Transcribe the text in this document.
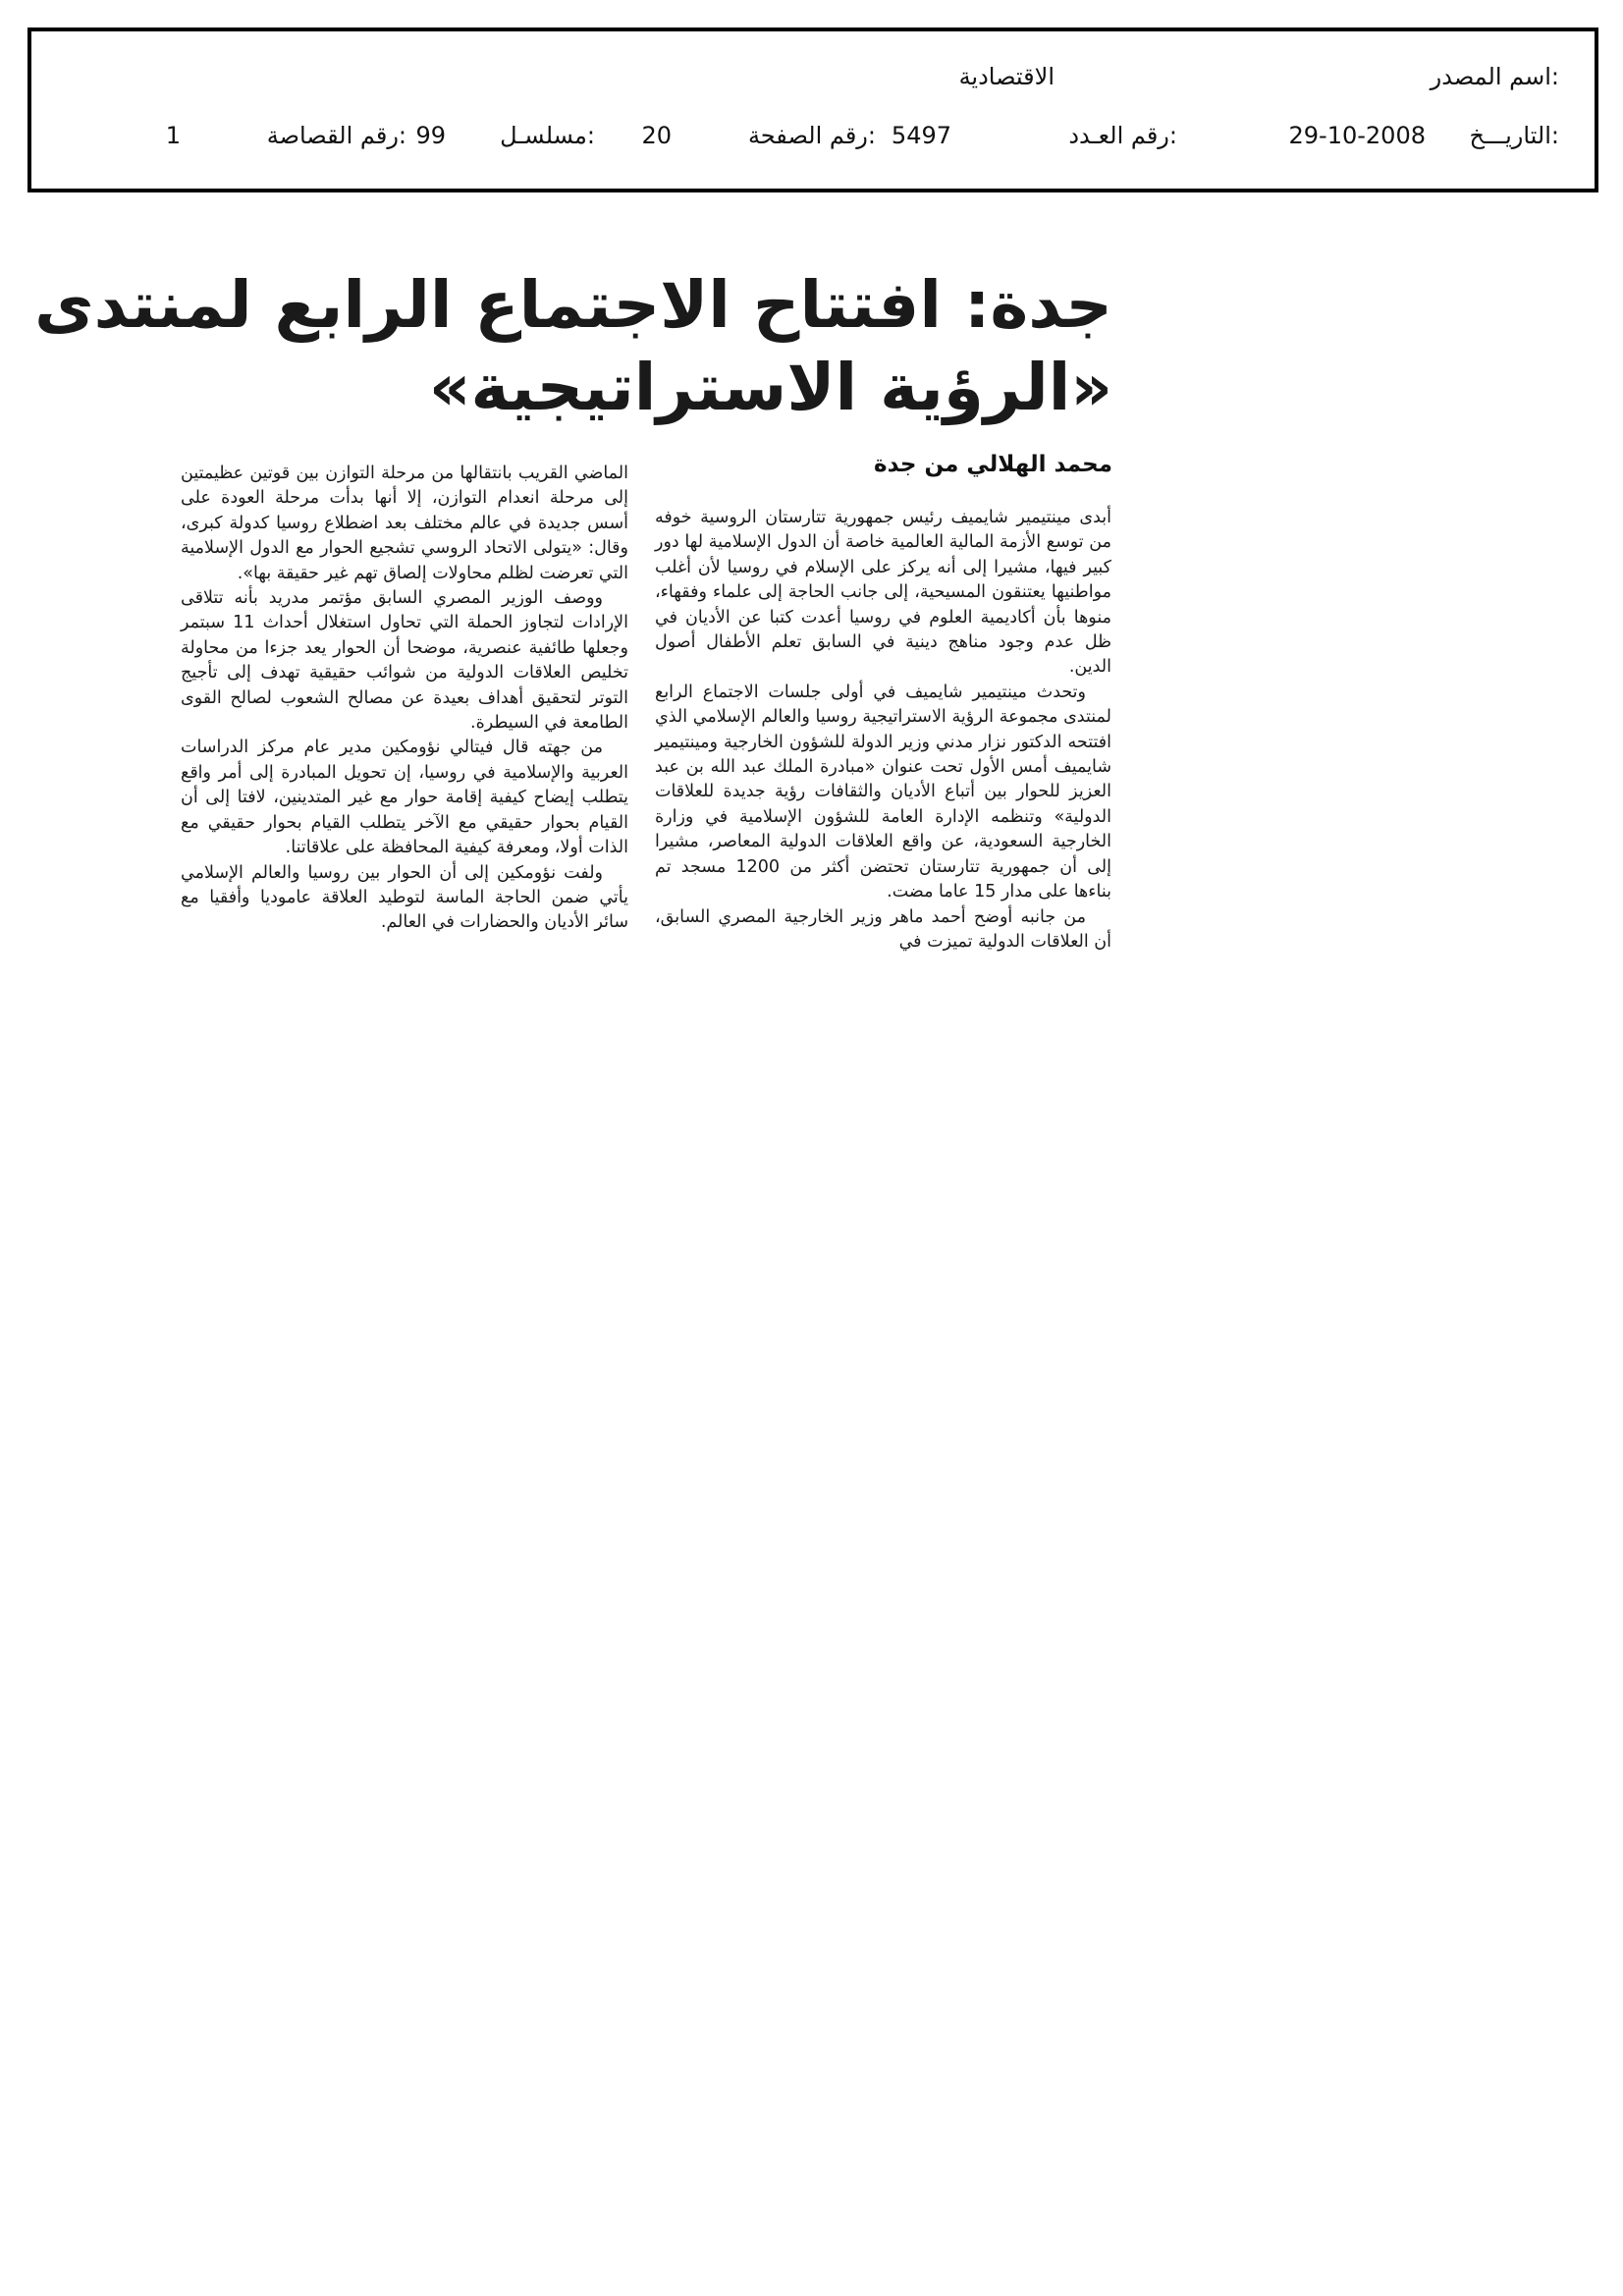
اسم المصدر:
الاقتصادية
التاريـــخ:
29-10-2008
رقم العـدد:
5497
رقم الصفحة:
20
مسلسـل:
99
رقم القصاصة:
1
جدة: افتتاح الاجتماع الرابع لمنتدى
«الرؤية الاستراتيجية»
محمد الهلالي من جدة

أبدى مينتيمير شايميف رئيس جمهورية تتارستان الروسية خوفه من توسع الأزمة المالية العالمية خاصة أن الدول الإسلامية لها دور كبير فيها، مشيرا إلى أنه يركز على الإسلام في روسيا لأن أغلب مواطنيها يعتنقون المسيحية، إلى جانب الحاجة إلى علماء وفقهاء، منوها بأن أكاديمية العلوم في روسيا أعدت كتبا عن الأديان في ظل عدم وجود مناهج دينية في السابق تعلم الأطفال أصول الدين.

وتحدث مينتيمير شايميف في أولى جلسات الاجتماع الرابع لمنتدى مجموعة الرؤية الاستراتيجية روسيا والعالم الإسلامي الذي افتتحه الدكتور نزار مدني وزير الدولة للشؤون الخارجية ومينتيمير شايميف أمس الأول تحت عنوان «مبادرة الملك عبد الله بن عبد العزيز للحوار بين أتباع الأديان والثقافات رؤية جديدة للعلاقات الدولية» وتنظمه الإدارة العامة للشؤون الإسلامية في وزارة الخارجية السعودية، عن واقع العلاقات الدولية المعاصر، مشيرا إلى أن جمهورية تتارستان تحتضن أكثر من 1200 مسجد تم بناءها على مدار 15 عاما مضت.

من جانبه أوضح أحمد ماهر وزير الخارجية المصري السابق، أن العلاقات الدولية تميزت في

الماضي القريب بانتقالها من مرحلة التوازن بين قوتين عظيمتين إلى مرحلة انعدام التوازن، إلا أنها بدأت مرحلة العودة على أسس جديدة في عالم مختلف بعد اضطلاع روسيا كدولة كبرى، وقال: «يتولى الاتحاد الروسي تشجيع الحوار مع الدول الإسلامية التي تعرضت لظلم محاولات إلصاق تهم غير حقيقة بها».

ووصف الوزير المصري السابق مؤتمر مدريد بأنه تتلاقى الإرادات لتجاوز الحملة التي تحاول استغلال أحداث 11 سبتمر وجعلها طائفية عنصرية، موضحا أن الحوار يعد جزءا من محاولة تخليص العلاقات الدولية من شوائب حقيقية تهدف إلى تأجيج التوتر لتحقيق أهداف بعيدة عن مصالح الشعوب لصالح القوى الطامعة في السيطرة.

من جهته قال فيتالي نؤومكين مدير عام مركز الدراسات العربية والإسلامية في روسيا، إن تحويل المبادرة إلى أمر واقع يتطلب إيضاح كيفية إقامة حوار مع غير المتدينين، لافتا إلى أن القيام بحوار حقيقي مع الآخر يتطلب القيام بحوار حقيقي مع الذات أولا، ومعرفة كيفية المحافظة على علاقاتنا.

ولفت نؤومكين إلى أن الحوار بين روسيا والعالم الإسلامي يأتي ضمن الحاجة الماسة لتوطيد العلاقة عاموديا وأفقيا مع سائر الأديان والحضارات في العالم.
